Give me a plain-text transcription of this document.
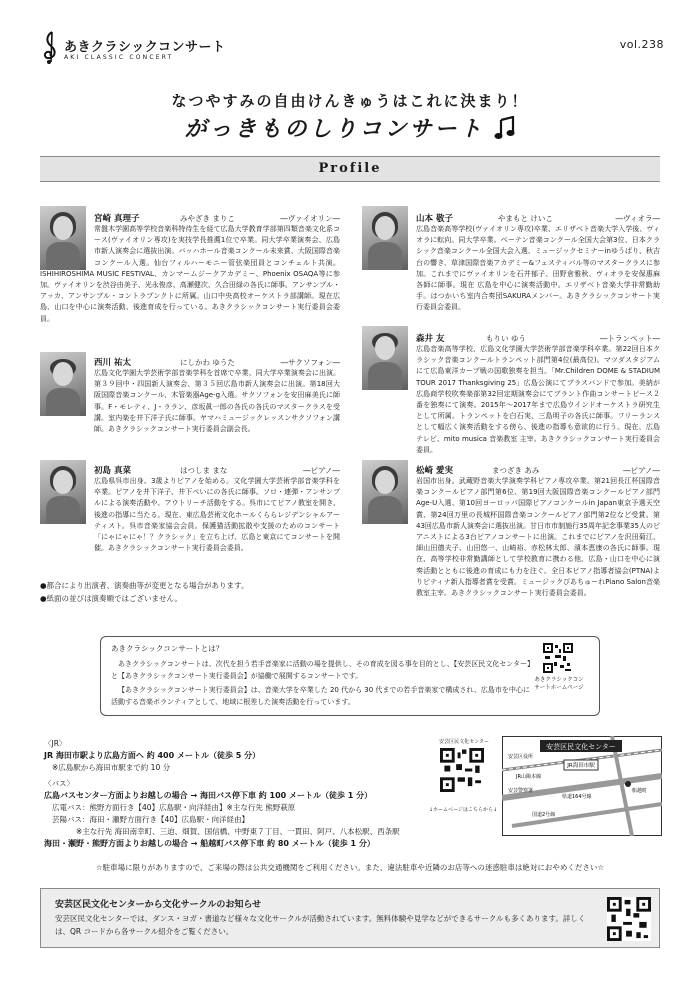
あきクラシックコンサート
AKI CLASSIC CONCERT
vol.238
なつやすみの自由けんきゅうはこれに決まり！
がっきものしりコンサート
Profile
宮崎 真理子	みやざき まりこ	―ヴァイオリン―
常盤木学園高等学校音楽科特待生を経て広島大学教育学部第四類音楽文化系コース(ヴァイオリン専攻)を実技学長推薦1位で卒業。同大学卒業演奏会、広島市新人演奏会に選抜出演。バッハホール音楽コンクール未来賞、大阪国際音楽コンクール入選。仙台フィルハーモニー管弦楽団員とコンチェルト共演。ISHIHIROSHIMA MUSIC FESTIVAL、カンマームジークアカデミー、Phoenix OSAQA等に参加。ヴァイオリンを渋谷由美子、光永俊彦、高瀬健次、久合田緑の各氏に師事。アンサンブル・アッカ、アンサンブル・コントラプンクトに所属。山口中央高校オーケストラ部講師。現在広島、山口を中心に演奏活動、後進育成を行っている。あきクラシックコンサート実行委員会委員。
山本 敬子	やまもと けいこ	―ヴィオラ―
広島音楽高等学校(ヴァイオリン専攻)卒業、エリザベト音楽大学入学後、ヴィオラに転向。同大学卒業。ベーテン音楽コンクール全国大会第3位、日本クラシック音楽コンクール全国大会入選、ミュージックセミナーinゆうばり、秋吉台の響き、草津国際音楽アカデミー&フェスティバル等のマスタークラスに参加。これまでにヴァイオリンを石井郁子、田野倉雅秋、ヴィオラを安保惠麻 各師に師事。現在 広島を中心に演奏活動中。エリザベト音楽大学非常勤助手。はつかいち室内合奏団SAKURAメンバー。あきクラシックコンサート実行委員会委員。
西川 祐太	にしかわ ゆうた	―サクソフォン―
広島文化学園大学芸術学部音楽学科を首席で卒業、同大学卒業演奏会に出演。第３９回中・四国新人演奏会、第３５回広島市新人演奏会に出演。第18回大阪国際音楽コンクール、木管楽器Age-g入選。サクソフォンを安田麻美氏に師事。F・モレティ、J・ララン、彦坂眞一郎の各氏の各氏のマスタークラスを受講。室内楽を井下洋子氏に師事。ヤマハミュージックレッスンサクソフォン講師。あきクラシックコンサート実行委員会副会長。
森井 友	もりい ゆう	―トランペット―
広島音楽高等学校、広島文化学園大学芸術学部音楽学科卒業。第22回日本クラシック音楽コンクールトランペット部門第4位(最高位)。マツダスタジアムにて広島東洋カープ戦の国歌独奏を担当。「Mr.Children DOME & STADIUM TOUR 2017 Thanksgiving 25」広島公演にてブラスバンドで参加。美納が広島商学校吹奏楽部第32回定期演奏会にてブラント作曲コンサートピース２番を独奏にて演奏。2015年～2017年まで広島ウインドオーケストラ研究生として所属。トランペットを白石実、三島明子の各氏に師事。フリーランスとして幅広く演奏活動をする傍ら、後進の指導も意欲的に行う。現在、広島テレビ、mito musica 音楽教室 主宰。あきクラシックコンサート実行委員会委員。
初島 真菜	はつしま まな	―ピアノ―
広島県呉市出身。3歳よりピアノを始める。文化学園大学芸術学部音楽学科を卒業。ピアノを井下洋子、井下ぺいにの各氏に師事。ソロ・連弾・アンサンブルによる演奏活動や、アウトリーチ活動をする。呉市にてピアノ教室を開き、後進の指導に当たる。現在、東広島芸術文化ホールくららレジデンシャルアーティスト。呉市音楽家協会会員。保護猫活動拡散や支援のためのコンサート「にゃにゃにゃ！？クラシック」を立ち上げ、広島と東京にてコンサートを開催。あきクラシックコンサート実行委員会委員。
松崎 愛実	まつざき あみ	―ピアノ―
岩国市出身。武蔵野音楽大学演奏学科ピアノ専攻卒業。第21回長江杯国際音楽コンクールピアノ部門第6位、第19回大阪国際音楽コンクールピアノ部門Age-U入選、第10回ヨーロッパ国際ピアノコンクールin Japan東京予選天空賞、第24回万里の長城杯国際音楽コンクールピアノ部門第2位など受賞。第43回広島市新人演奏会に選抜出演。甘日市市制施行35周年記念事業35人のピアニストによる3台ピアノコンサートに出演。これまでにピアノを沢田菊江、細山田德夫子、山田悠一、山崎裕、赤松林太郎、濱本恵康の各氏に師事。現在、高等学校非常勤講師として学校教育に携わる他、広島・山口を中心に演奏活動とともに後進の育成にも力を注ぐ。全日本ピアノ指導者協会(PTNA)よりピティナ新人指導者賞を受賞。ミュージックぴあちゅーれPiano Salon音楽教室主宰。あきクラシックコンサート実行委員会委員。
●都合により出演者、演奏曲等が変更となる場合があります。
●紙面の並びは演奏順ではございません。
あきクラシックコンサートとは？
あきクラシックコンサートは、次代を担う若手音楽家に活動の場を提供し、その育成を図る事を目的とし、【安芸区民文化センター】と【あきクラシックコンサート実行委員会】が協働で展開するコンサートです。
【あきクラシックコンサート実行委員会】は、音楽大学を卒業した 20 代から 30 代までの若手音楽家で構成され、広島市を中心に活動する音楽ボランティアとして、地域に根差した演奏活動を行っています。
あきクラシックコンサートホームページ
〈JR〉
JR 海田市駅より広島方面へ 約 400 メートル（徒歩 5 分）
※広島駅から海田市駅まで約 10 分
〈バス〉
広島バスセンター方面よりお越しの場合 → 海田バス停下車 約 100 メートル（徒歩 1 分）
広電バス：熊野方面行き【40】広島駅・向洋経由】※主な行先 熊野萩原
芸陽バス：海田・瀬野方面行き【40】広島駅・向洋経由】
※主な行先 海田南幸町、三迫、畑賀、国信橋、中野東７丁目、一貫田、阿戸、八本松駅、西条駅
海田・瀬野・熊野方面よりお越しの場合 → 船越町バス停下車 約 80 メートル（徒歩 1 分）
安芸区民文化センター
↓ホームページはこちらから↓
安芸区民文化センター
JR海田市駅
安芸区役所
JR山陽本線
船越町
国道2号線
県道164号線
安芸警察署
☆駐車場に限りがありますので、ご来場の際は公共交通機関をご利用ください。また、違法駐車や近隣のお店等への迷惑駐車は絶対におやめください☆
安芸区民文化センターから文化サークルのお知らせ
安芸区民文化センターでは、ダンス・ヨガ・書道など様々な文化サークルが活動されています。無料体験や見学などができるサークルも多くあります。詳しくは、QR コードから各サークル紹介をご覧ください。
